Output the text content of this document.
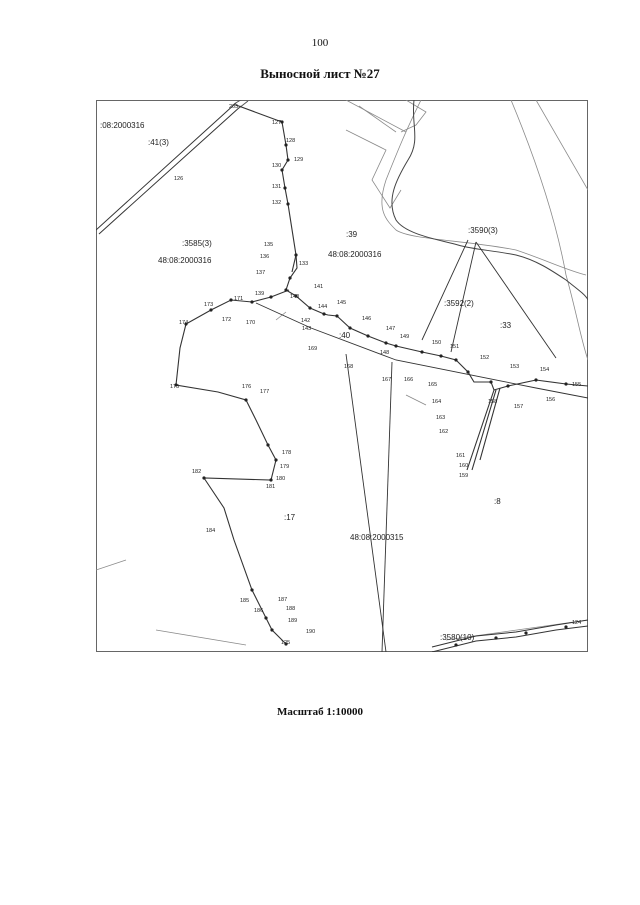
100
Выносной лист №27
:08:2000316
:41(3)
:3585(3)
48:08:2000316
:39
48:08:2000316
:3590(3)
:3592(2)
:33
:40
:17
48:08:2000315
:8
:3580(10)
127
128
129
130
131
132
133
135
136
137
139	140
141
142
143
144
145
146
147
148
149
150
151
152
153	154
155
156
157
158
159
160
161
162
163
164
165
166
167
168
169
170
171
172
173
174
175	176
177
178
179
180
181
182
184
185
186
187
188
189
190
125
126
205
124
Масштаб 1:10000
